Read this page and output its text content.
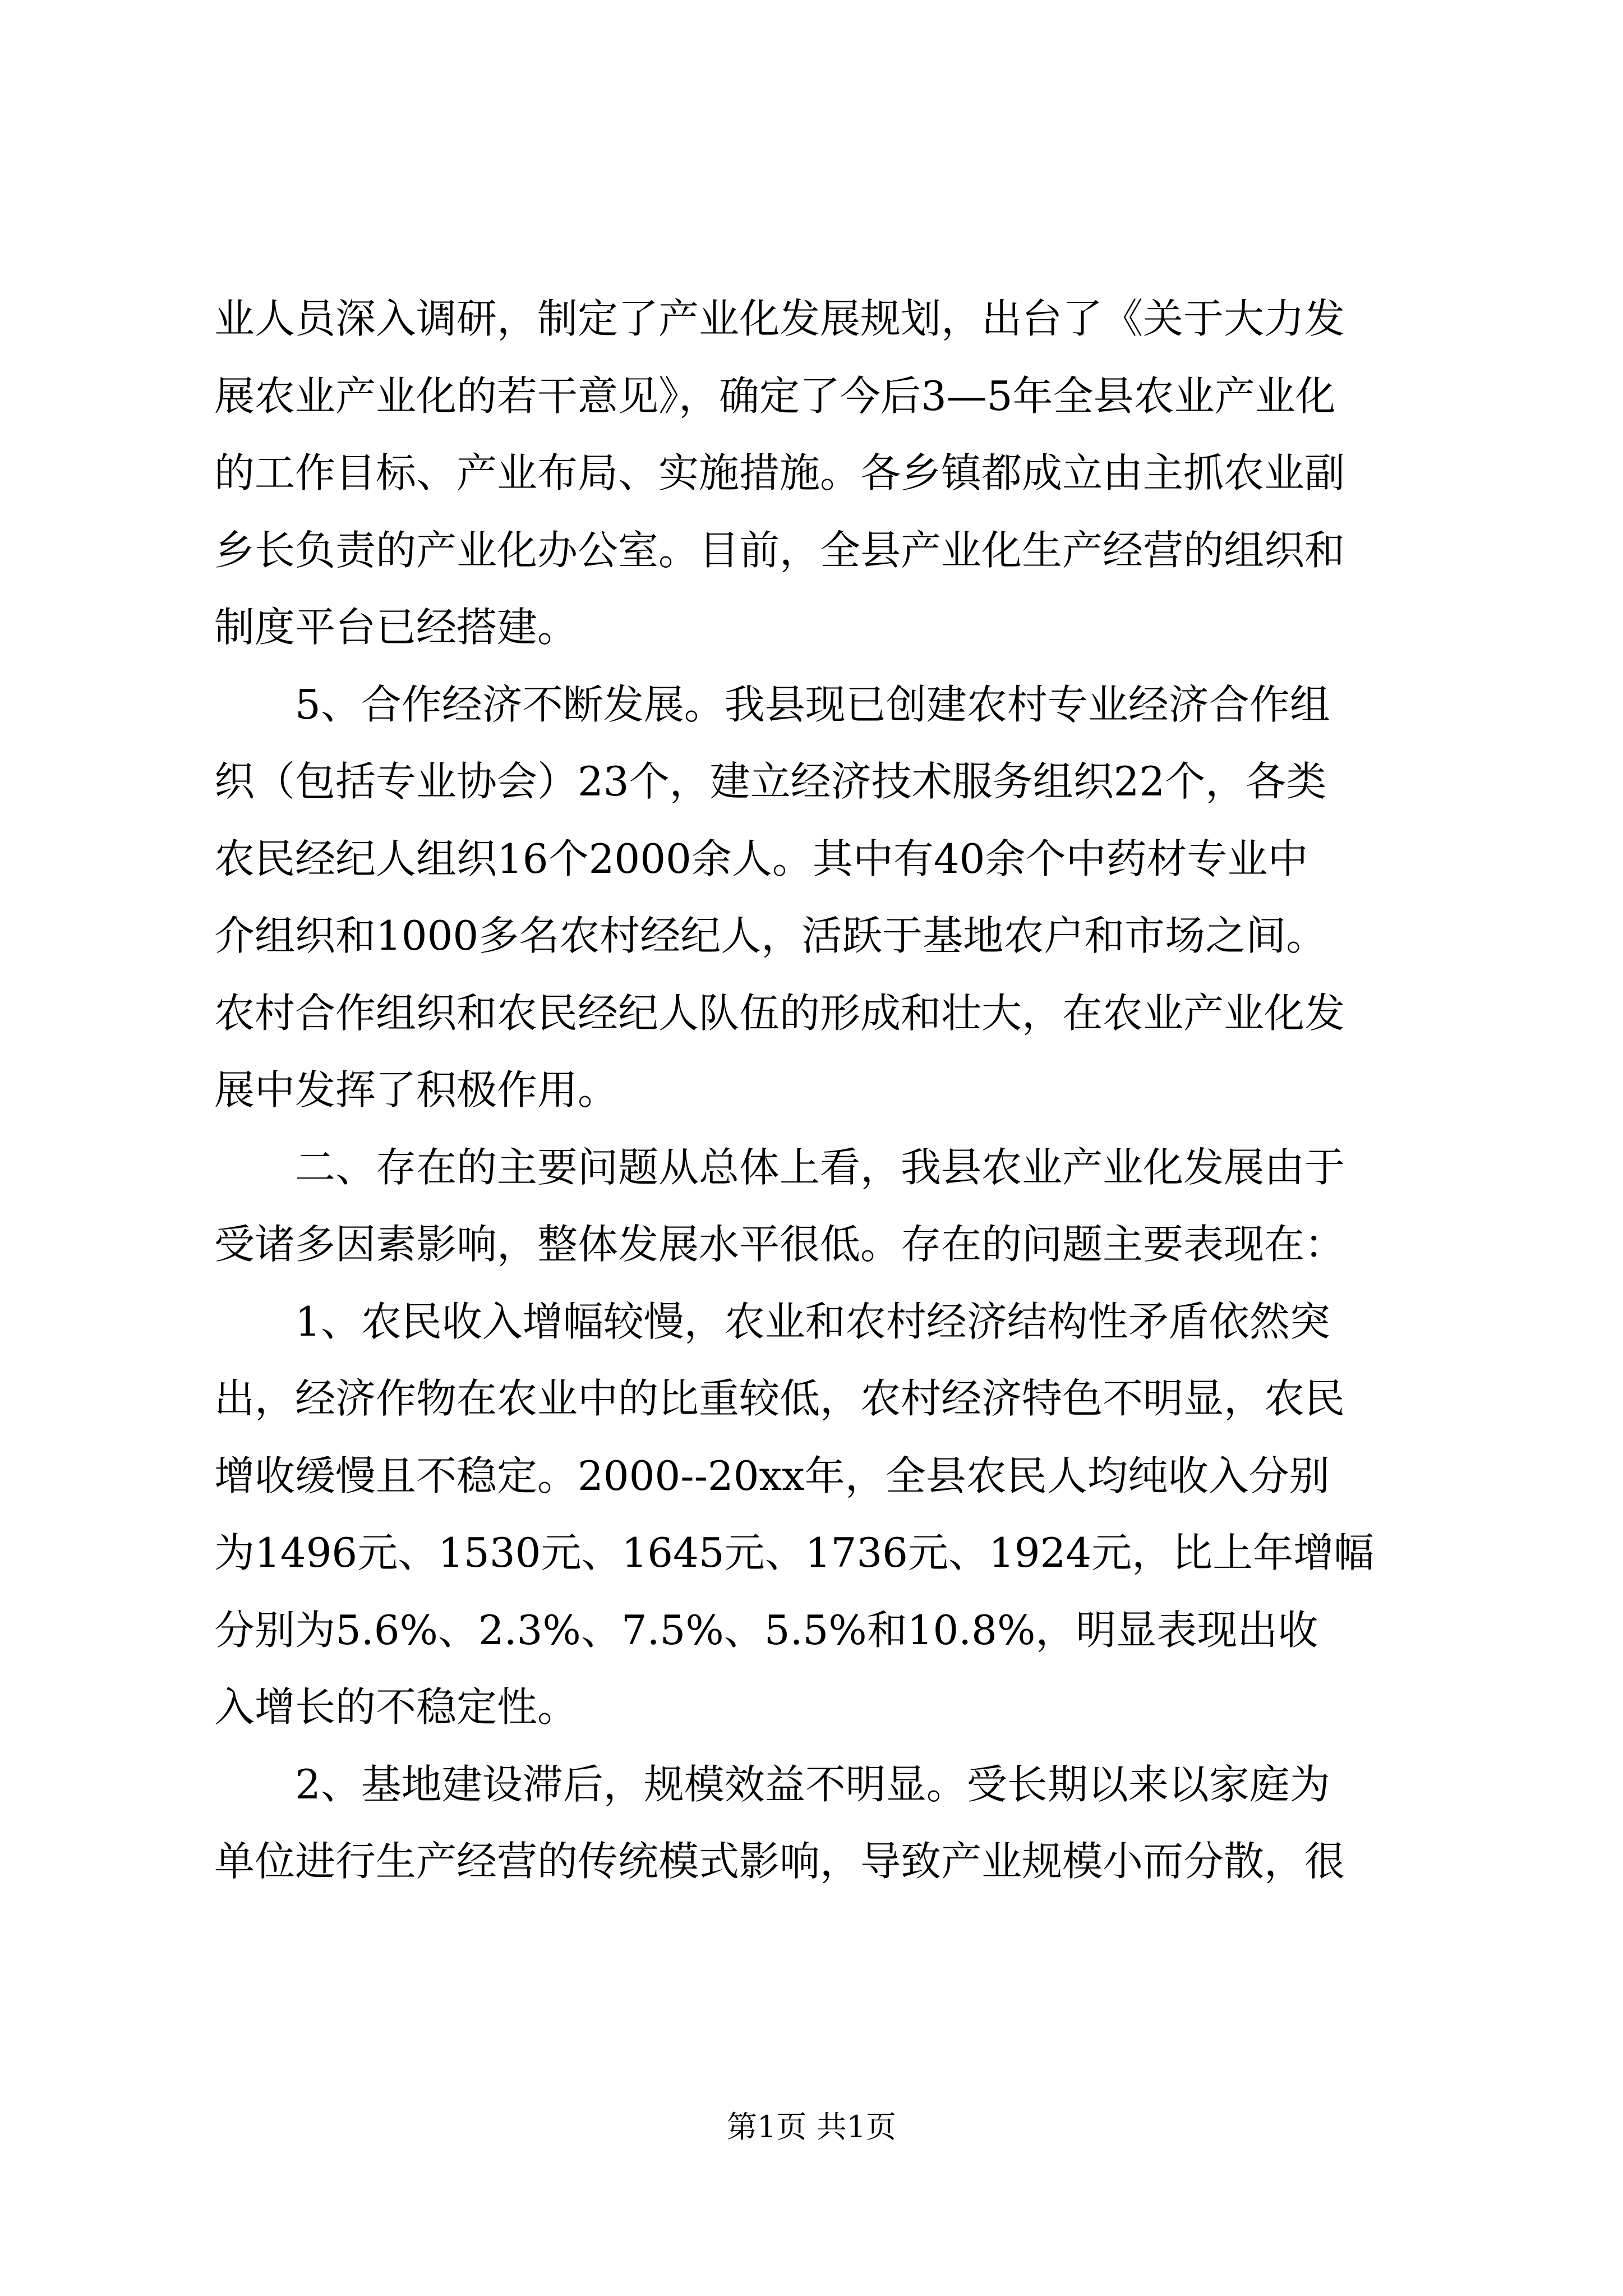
业人员深入调研，制定了产业化发展规划，出台了《关于大力发
展农业产业化的若干意见》，确定了今后3—5年全县农业产业化
的工作目标、产业布局、实施措施。各乡镇都成立由主抓农业副
乡长负责的产业化办公室。目前，全县产业化生产经营的组织和
制度平台已经搭建。
5、合作经济不断发展。我县现已创建农村专业经济合作组
织（包括专业协会）23个，建立经济技术服务组织22个，各类
农民经纪人组织16个2000余人。其中有40余个中药材专业中
介组织和1000多名农村经纪人，活跃于基地农户和市场之间。
农村合作组织和农民经纪人队伍的形成和壮大，在农业产业化发
展中发挥了积极作用。
二、存在的主要问题从总体上看，我县农业产业化发展由于
受诸多因素影响，整体发展水平很低。存在的问题主要表现在：
1、农民收入增幅较慢，农业和农村经济结构性矛盾依然突
出，经济作物在农业中的比重较低，农村经济特色不明显，农民
增收缓慢且不稳定。2000--20xx年，全县农民人均纯收入分别
为1496元、1530元、1645元、1736元、1924元，比上年增幅
分别为5.6%、2.3%、7.5%、5.5%和10.8%，明显表现出收
入增长的不稳定性。
2、基地建设滞后，规模效益不明显。受长期以来以家庭为
单位进行生产经营的传统模式影响，导致产业规模小而分散，很
第1页 共1页
